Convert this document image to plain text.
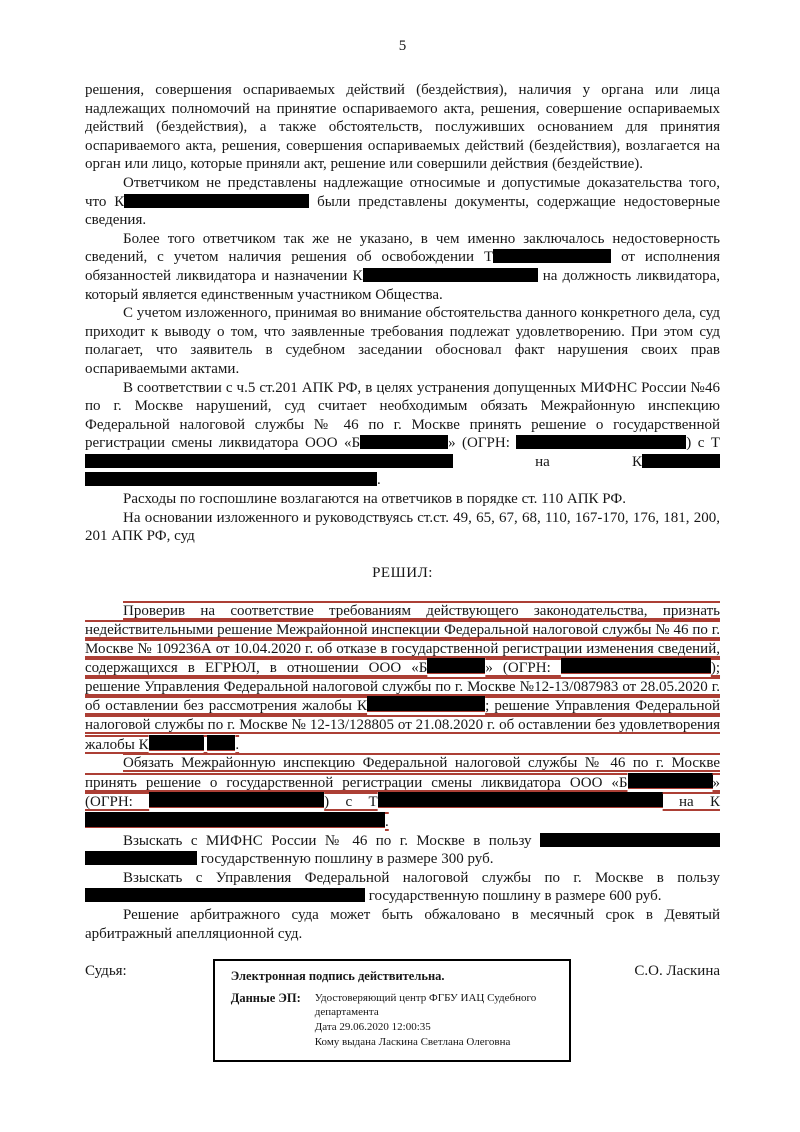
5

решения, совершения оспариваемых действий (бездействия), наличия у органа или лица надлежащих полномочий на принятие оспариваемого акта, решения, совершение оспариваемых действий (бездействия), а также обстоятельств, послуживших основанием для принятия оспариваемого акта, решения, совершения оспариваемых действий (бездействия), возлагается на орган или лицо, которые приняли акт, решение или совершили действия (бездействие).

Ответчиком не представлены надлежащие относимые и допустимые доказательства того, что К	были представлены документы, содержащие недостоверные сведения.

Более того ответчиком так же не указано, в чем именно заключалось недостоверность сведений, с учетом наличия решения об освобождении Т	от исполнения обязанностей ликвидатора и назначении К	на должность ликвидатора, который является единственным участником Общества.

С учетом изложенного, принимая во внимание обстоятельства данного конкретного дела, суд приходит к выводу о том, что заявленные требования подлежат удовлетворению. При этом суд полагает, что заявитель в судебном заседании обосновал факт нарушения своих прав оспариваемыми актами.

В соответствии с ч.5 ст.201 АПК РФ, в целях устранения допущенных МИФНС России №46 по г. Москве нарушений, суд считает необходимым обязать Межрайонную инспекцию Федеральной налоговой службы № 46 по г. Москве принять решение о государственной регистрации смены ликвидатора ООО «Б	» (ОГРН:	) с Т на К .

Расходы по госпошлине возлагаются на ответчиков в порядке ст. 110 АПК РФ.

На основании изложенного и руководствуясь ст.ст. 49, 65, 67, 68, 110, 167-170, 176, 181, 200, 201 АПК РФ, суд

РЕШИЛ:

Проверив на соответствие требованиям действующего законодательства, признать недействительными решение Межрайонной инспекции Федеральной налоговой службы № 46 по г. Москве № 109236А от 10.04.2020 г. об отказе в государственной регистрации изменения сведений, содержащихся в ЕГРЮЛ, в отношении ООО «Б	» (ОГРН:	); решение Управления Федеральной налоговой службы по г. Москве №12-13/087983 от 28.05.2020 г. об оставлении без рассмотрения жалобы К	; решение Управления Федеральной налоговой службы по г. Москве № 12-13/128805 от 21.08.2020 г. об оставлении без удовлетворения жалобы К	.

Обязать Межрайонную инспекцию Федеральной налоговой службы № 46 по г. Москве принять решение о государственной регистрации смены ликвидатора ООО «Б	» (ОГРН:	) с Т	на К.

Взыскать с МИФНС России № 46 по г. Москве в пользу   государственную пошлину в размере 300 руб.

Взыскать с Управления Федеральной налоговой службы по г. Москве в пользу  государственную пошлину в размере 600 руб.

Решение арбитражного суда может быть обжаловано в месячный срок в Девятый арбитражный апелляционной суд.

Судья:	Электронная подпись действительна.
Данные ЭП:	Удостоверяющий центр ФГБУ ИАЦ Судебного департамента
Дата 29.06.2020 12:00:35
Кому выдана Ласкина Светлана Олеговна
С.О. Ласкина
